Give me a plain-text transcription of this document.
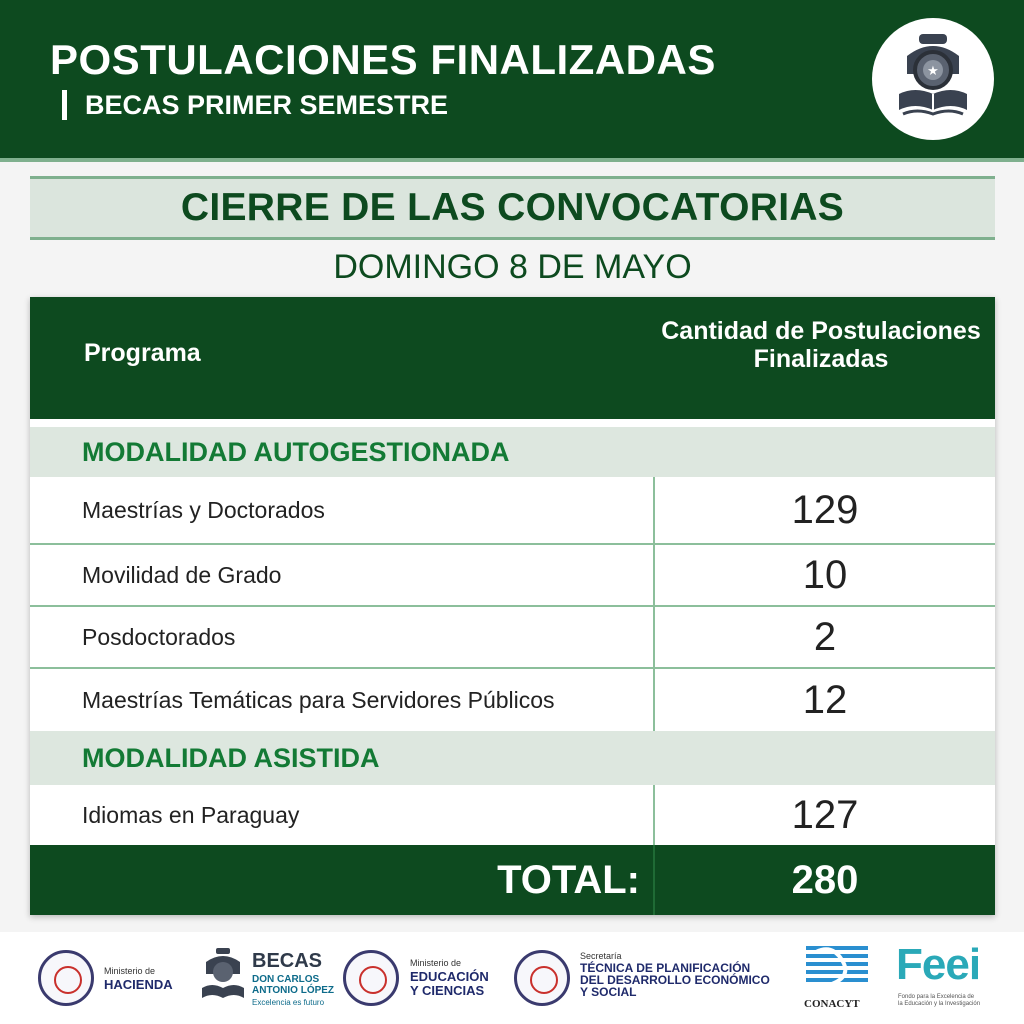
POSTULACIONES FINALIZADAS
BECAS PRIMER SEMESTRE
★
CIERRE DE LAS CONVOCATORIAS
DOMINGO 8 DE MAYO
Programa
Cantidad de Postulaciones Finalizadas
MODALIDAD AUTOGESTIONADA
Maestrías y Doctorados	129
Movilidad de Grado	10
Posdoctorados	2
Maestrías Temáticas para Servidores Públicos	12
MODALIDAD ASISTIDA
Idiomas en Paraguay	127
TOTAL:	280
Ministerio de
HACIENDA
BECAS
DON CARLOS
ANTONIO LÓPEZ
Excelencia es futuro
Ministerio de
EDUCACIÓN
Y CIENCIAS
Secretaría
TÉCNICA DE PLANIFICACIÓN
DEL DESARROLLO ECONÓMICO
Y SOCIAL
CONACYT
Feei
Fondo para la Excelencia de
la Educación y la Investigación
